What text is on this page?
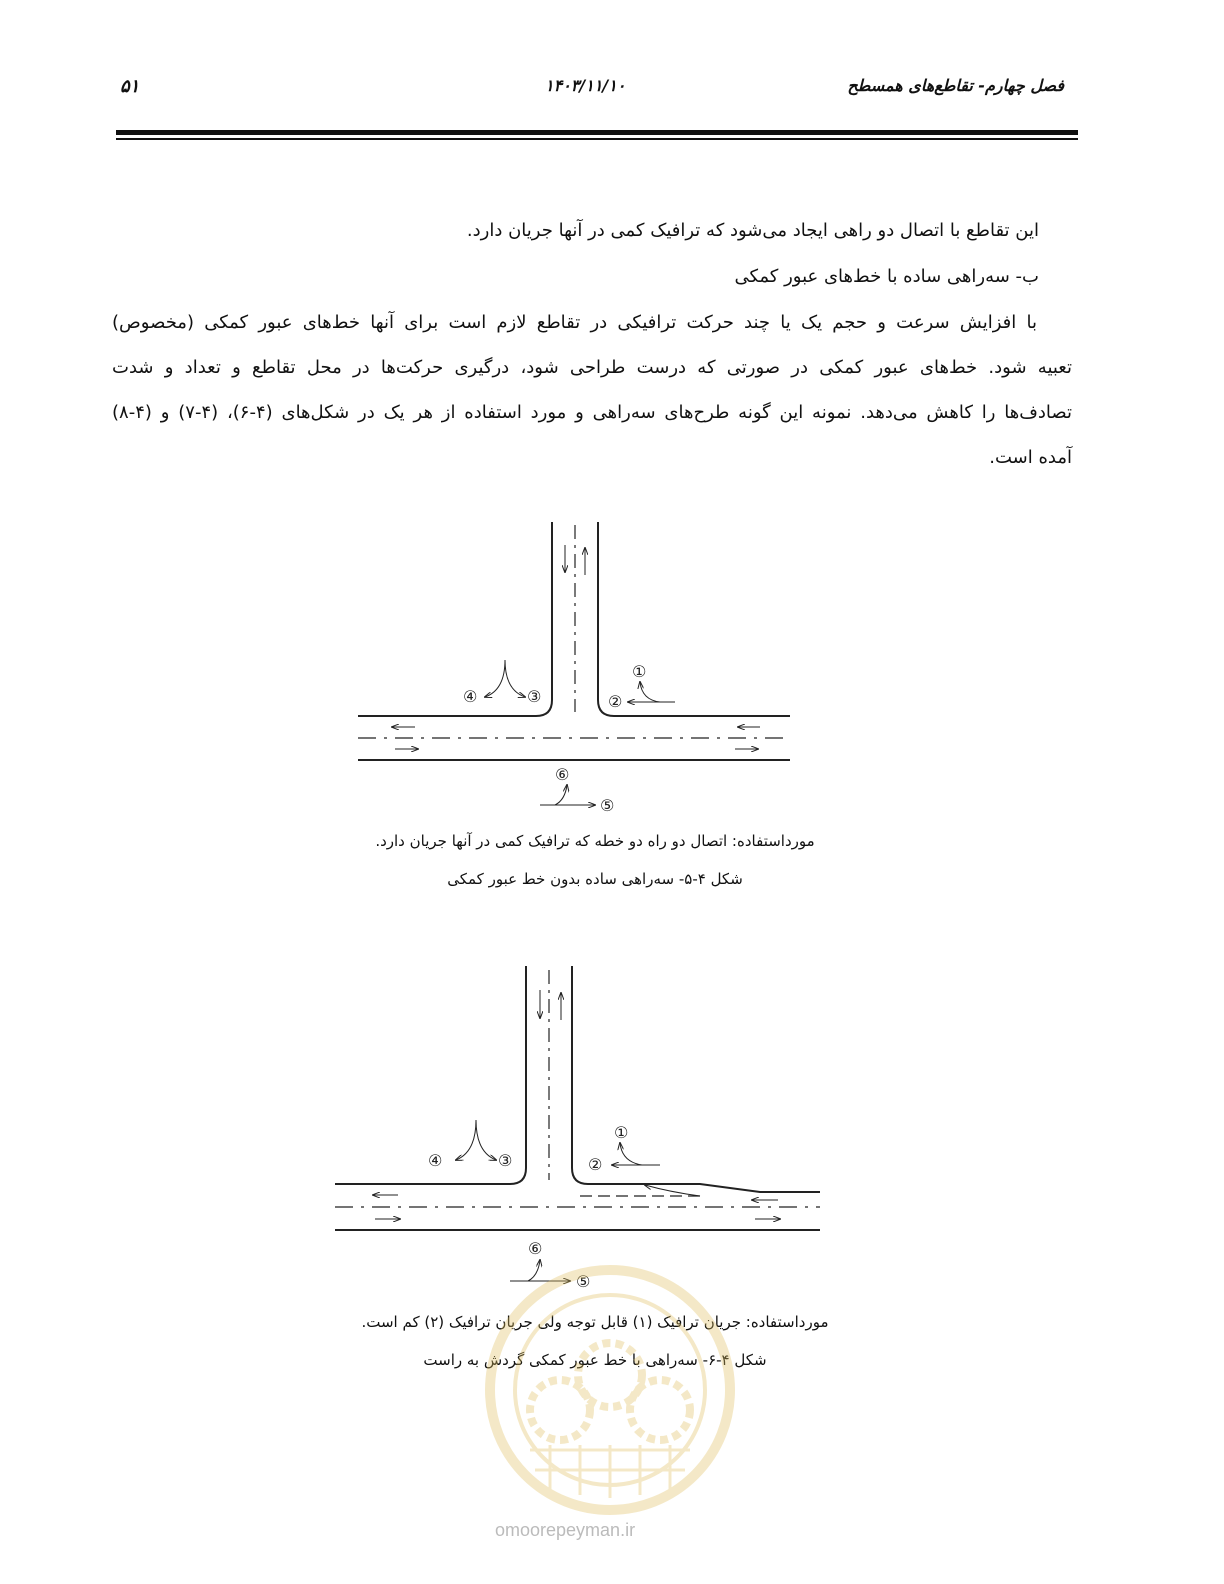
فصل چهارم- تقاطع‌های همسطح
۱۴۰۳/۱۱/۱۰
۵۱
این تقاطع با اتصال دو راهی ایجاد می‌شود که ترافیک کمی در آنها جریان دارد.
ب- سه‌راهی ساده با خط‌های عبور کمکی
با افزایش سرعت و حجم یک یا چند حرکت ترافیکی در تقاطع لازم است برای آنها خط‌های عبور کمکی (مخصوص)
تعبیه شود. خط‌های عبور کمکی در صورتی که درست طراحی شود، درگیری حرکت‌ها در محل تقاطع و تعداد و شدت
تصادف‌ها را کاهش می‌دهد. نمونه این گونه طرح‌های سه‌راهی و مورد استفاده از هر یک در شکل‌های (۴-۶)، (۴-۷) و (۴-۸)
آمده است.
①
②
③
④
⑤
⑥
①
②
③
④
⑤
⑥
مورداستفاده: اتصال دو راه دو خطه که ترافیک کمی در آنها جریان دارد.
شکل ۴-۵- سه‌راهی ساده بدون خط عبور کمکی
مورداستفاده: جریان ترافیک (۱) قابل توجه ولی جریان ترافیک (۲) کم است.
شکل ۴-۶- سه‌راهی با خط عبور کمکی گردش به راست
omoorepeyman.ir
